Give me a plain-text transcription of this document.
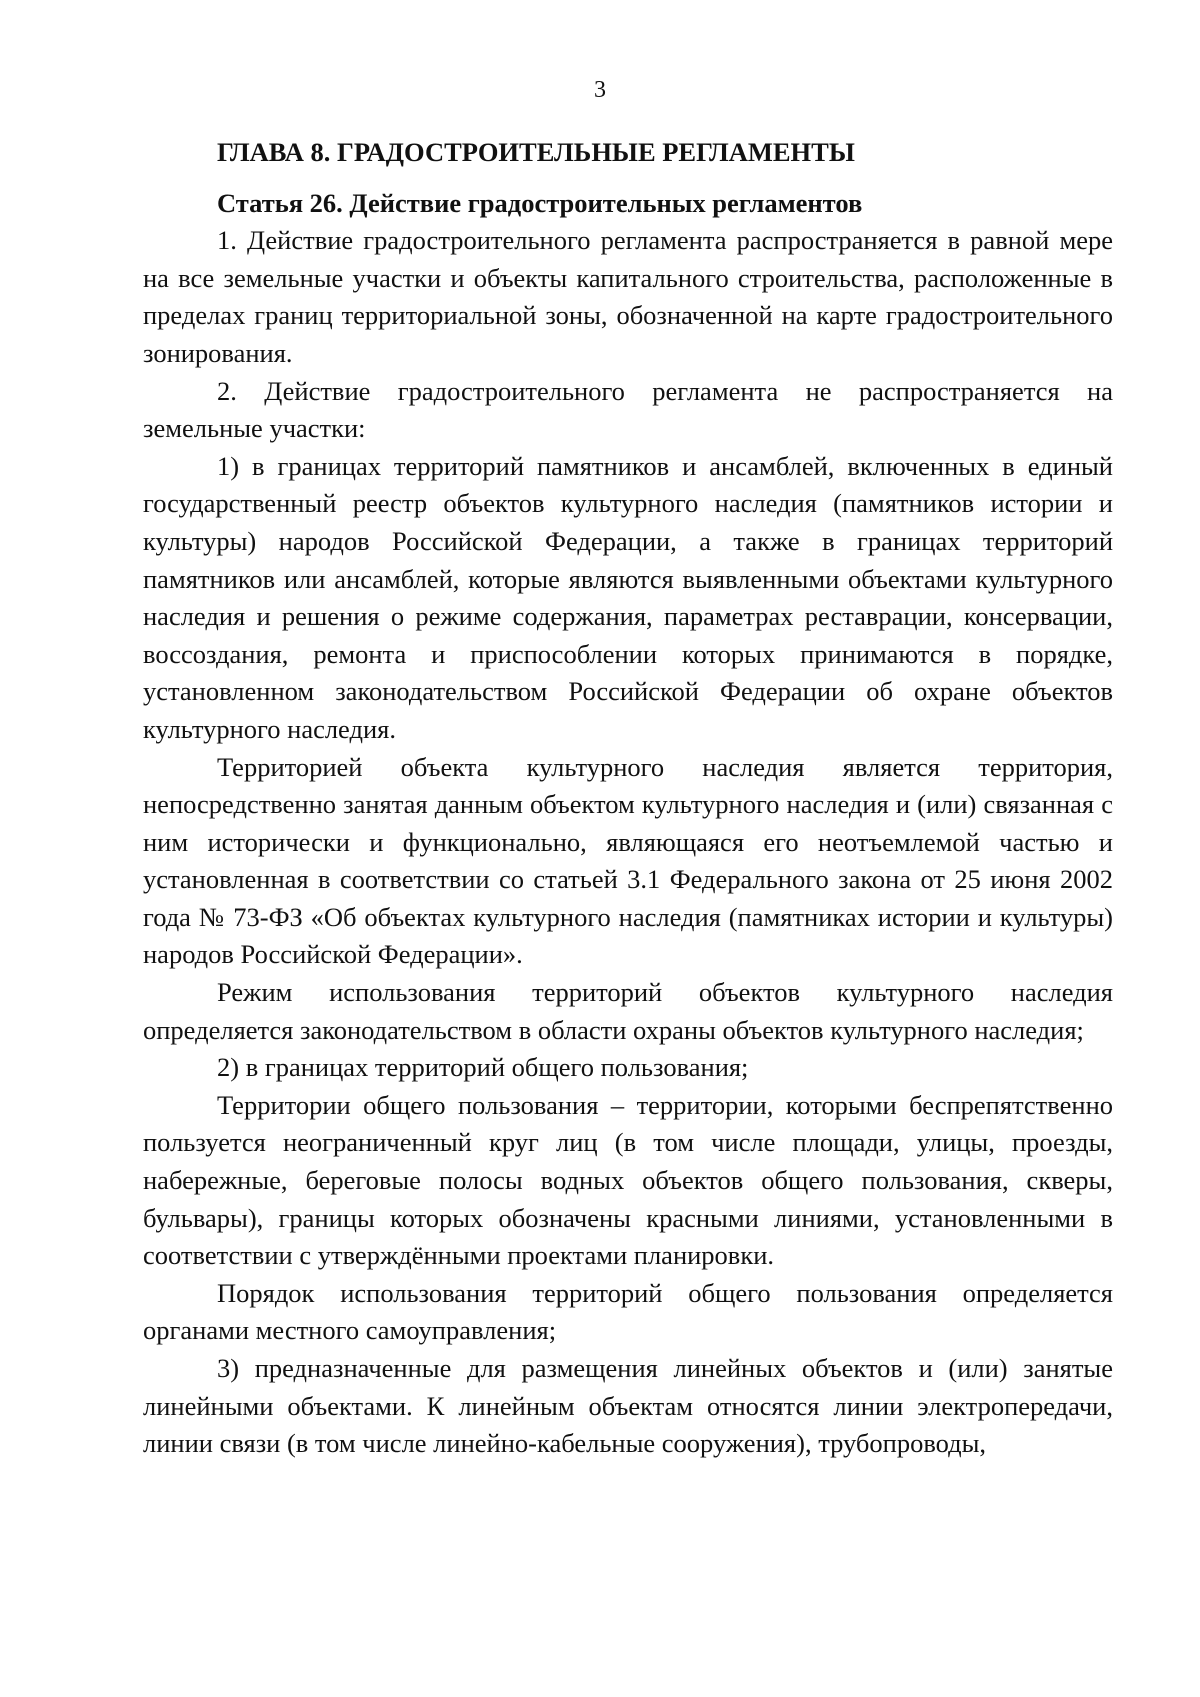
3

ГЛАВА 8. ГРАДОСТРОИТЕЛЬНЫЕ РЕГЛАМЕНТЫ

Статья 26. Действие градостроительных регламентов

1. Действие градостроительного регламента распространяется в равной мере на все земельные участки и объекты капитального строительства, расположенные в пределах границ территориальной зоны, обозначенной на карте градостроительного зонирования.

2. Действие градостроительного регламента не распространяется на земельные участки:

1) в границах территорий памятников и ансамблей, включенных в единый государственный реестр объектов культурного наследия (памятников истории и культуры) народов Российской Федерации, а также в границах территорий памятников или ансамблей, которые являются выявленными объектами культурного наследия и решения о режиме содержания, параметрах реставрации, консервации, воссоздания, ремонта и приспособлении которых принимаются в порядке, установленном законодательством Российской Федерации об охране объектов культурного наследия.

Территорией объекта культурного наследия является территория, непосредственно занятая данным объектом культурного наследия и (или) связанная с ним исторически и функционально, являющаяся его неотъемлемой частью и установленная в соответствии со статьей 3.1 Федерального закона от 25 июня 2002 года № 73-ФЗ «Об объектах культурного наследия (памятниках истории и культуры) народов Российской Федерации».

Режим использования территорий объектов культурного наследия определяется законодательством в области охраны объектов культурного наследия;

2) в границах территорий общего пользования;

Территории общего пользования – территории, которыми беспрепятственно пользуется неограниченный круг лиц (в том числе площади, улицы, проезды, набережные, береговые полосы водных объектов общего пользования, скверы, бульвары), границы которых обозначены красными линиями, установленными в соответствии с утверждёнными проектами планировки.

Порядок использования территорий общего пользования определяется органами местного самоуправления;

3) предназначенные для размещения линейных объектов и (или) занятые линейными объектами. К линейным объектам относятся линии электропередачи, линии связи (в том числе линейно-кабельные сооружения), трубопроводы,
